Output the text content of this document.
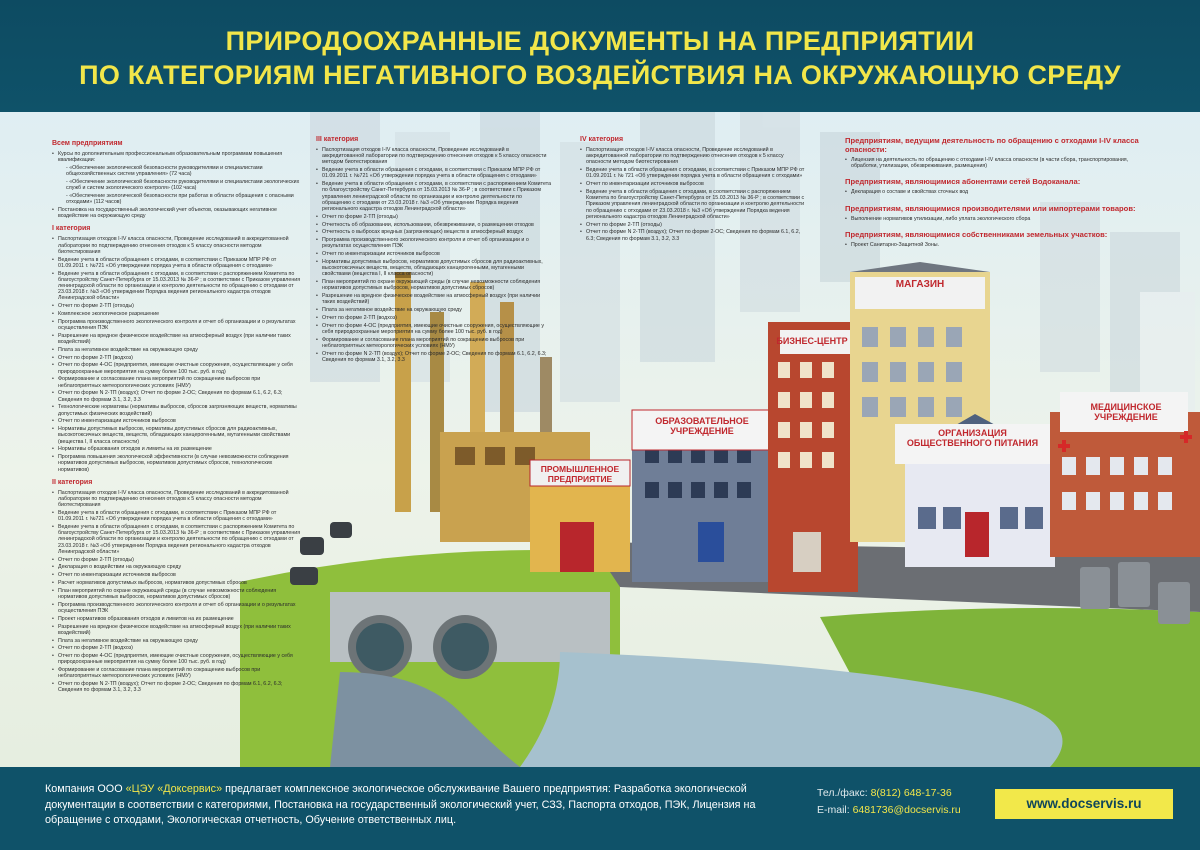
ПРИРОДООХРАННЫЕ ДОКУМЕНТЫ НА ПРЕДПРИЯТИИ
ПО КАТЕГОРИЯМ НЕГАТИВНОГО ВОЗДЕЙСТВИЯ НА ОКРУЖАЮЩУЮ СРЕДУ
МАГАЗИН
БИЗНЕС-ЦЕНТР
ОБРАЗОВАТЕЛЬНОЕ
УЧРЕЖДЕНИЕ	ОРГАНИЗАЦИЯ
ОБЩЕСТВЕННОГО ПИТАНИЯ
МЕДИЦИНСКОЕ
УЧРЕЖДЕНИЕ
ПРОМЫШЛЕННОЕ
ПРЕДПРИЯТИЕ
Всем предприятиям
• Курсы по дополнительным профессиональным образовательным программам повышения квалификации:
- «Обеспечение экологической безопасности руководителями и специалистами общехозяйственных систем управления» (72 часа)
- «Обеспечение экологической безопасности руководителями и специалистами экологических служб и систем экологического контроля» (102 часа)
- «Обеспечение экологической безопасности при работах в области обращения с опасными отходами» (112 часов)
• Постановка на государственный экологический учет объектов, оказывающих негативное воздействие на окружающую среду
I категория
• Паспортизация отходов I-IV класса опасности, Проведение исследований в аккредитованной лаборатории по подтверждению отнесения отходов к 5 классу опасности методом биотестирования
• Ведение учета в области обращения с отходами, в соответствии с Приказом МПР РФ от 01.09.2011 г. №721 «Об утверждении порядка учета в области обращения с отходами»
• Ведение учета в области обращения с отходами, в соответствии с распоряжением Комитета по благоустройству Санкт-Петербурга от 15.03.2013 № 36-Р ; в соответствии с Приказом управления ленинградской области по организации и контролю деятельности по обращению с отходами от 23.03.2018 г. №3 «Об утверждении Порядка ведения регионального кадастра отходов Ленинградской области»
• Отчет по форме 2-ТП (отходы)
• Комплексное экологическое разрешение
• Программа производственного экологического контроля и отчет об организации и о результатах осуществления ПЭК
• Разрешение на вредное физическое воздействие на атмосферный воздух (при наличии таких воздействий)
• Плата за негативное воздействие на окружающую среду
• Отчет по форме 2-ТП (водхоз)
• Отчет по форме 4-ОС (предприятия, имеющие очистные сооружения, осуществляющие у себя природоохранные мероприятия на сумму более 100 тыс. руб. в год)
• Формирование и согласование плана мероприятий по сокращению выбросов при неблагоприятных метеорологических условиях (НМУ)
• Отчет по форме N 2-ТП (воздух); Отчет по форме 2-ОС; Сведения по формам 6.1, 6.2, 6.3; Сведения по формам 3.1, 3.2, 3.3
• Технологические нормативы (нормативы выбросов, сбросов загрязняющих веществ, нормативы допустимых физических воздействий)
• Отчет по инвентаризации источников выбросов
• Нормативы допустимых выбросов, нормативы допустимых сбросов для радиоактивных, высокотоксичных веществ, веществ, обладающих канцерогенными, мутагенными свойствами (вещества I, II класса опасности)
• Нормативы образования отходов и лимиты на их размещение
• Программа повышения экологической эффективности (в случае невозможности соблюдения нормативов допустимых выбросов, нормативов допустимых сбросов, технологических нормативов)
II категория
• Паспортизация отходов I-IV класса опасности, Проведение исследований в аккредитованной лаборатории по подтверждению отнесения отходов к 5 классу опасности методом биотестирования
• Ведение учета в области обращения с отходами, в соответствии с Приказом МПР РФ от 01.09.2011 г. №721 «Об утверждении порядка учета в области обращения с отходами»
• Ведение учета в области обращения с отходами, в соответствии с распоряжением Комитета по благоустройству Санкт-Петербурга от 15.03.2013 № 36-Р ; в соответствии с Приказом управления ленинградской области по организации и контролю деятельности по обращению с отходами от 23.03.2018 г. №3 «Об утверждении Порядка ведения регионального кадастра отходов Ленинградской области»
• Отчет по форме 2-ТП (отходы)
• Декларация о воздействии на окружающую среду
• Отчет по инвентаризации источников выбросов
• Расчет нормативов допустимых выбросов, нормативов допустимых сбросов
• План мероприятий по охране окружающей среды (в случае невозможности соблюдения нормативов допустимых выбросов, нормативов допустимых сбросов)
• Программа производственного экологического контроля и отчет об организации и о результатах осуществления ПЭК
• Проект нормативов образования отходов и лимитов на их размещение
• Разрешение на вредное физическое воздействие на атмосферный воздух (при наличии таких воздействий)
• Плата за негативное воздействие на окружающую среду
• Отчет по форме 2-ТП (водхоз)
• Отчет по форме 4-ОС (предприятия, имеющие очистные сооружения, осуществляющие у себя природоохранные мероприятия на сумму более 100 тыс. руб. в год)
• Формирование и согласование плана мероприятий по сокращению выбросов при неблагоприятных метеорологических условиях (НМУ)
• Отчет по форме N 2-ТП (воздух); Отчет по форме 2-ОС; Сведения по формам 6.1, 6.2, 6.3; Сведения по формам 3.1, 3.2, 3.3
III категория
• Паспортизация отходов I-IV класса опасности, Проведение исследований в аккредитованной лаборатории по подтверждению отнесения отходов к 5 классу опасности методом биотестирования
• Ведение учета в области обращения с отходами, в соответствии с Приказом МПР РФ от 01.09.2011 г. №721 «Об утверждении порядка учета в области обращения с отходами»
• Ведение учета в области обращения с отходами, в соответствии с распоряжением Комитета по благоустройству Санкт-Петербурга от 15.03.2013 № 36-Р ; в соответствии с Приказом управления ленинградской области по организации и контролю деятельности по обращению с отходами от 23.03.2018 г. №3 «Об утверждении Порядка ведения регионального кадастра отходов Ленинградской области»
• Отчет по форме 2-ТП (отходы)
• Отчетность об образовании, использовании, обезвреживании, о размещении отходов
• Отчетность о выбросах вредных (загрязняющих) веществ в атмосферный воздух
• Программа производственного экологического контроля и отчет об организации и о результатах осуществления ПЭК
• Отчет по инвентаризации источников выбросов
• Нормативы допустимых выбросов, нормативов допустимых сбросов для радиоактивных, высокотоксичных веществ, веществ, обладающих канцерогенными, мутагенными свойствами (вещества I, II класса опасности)
• План мероприятий по охране окружающей среды (в случае невозможности соблюдения нормативов допустимых выбросов, нормативов допустимых сбросов)
• Разрешение на вредное физическое воздействие на атмосферный воздух (при наличии таких воздействий)
• Плата за негативное воздействие на окружающую среду
• Отчет по форме 2-ТП (водхоз)
• Отчет по форме 4-ОС (предприятия, имеющие очистные сооружения, осуществляющие у себя природоохранные мероприятия на сумму более 100 тыс. руб. в год)
• Формирование и согласование плана мероприятий по сокращению выбросов при неблагоприятных метеорологических условиях (НМУ)
• Отчет по форме N 2-ТП (воздух); Отчет по форме 2-ОС; Сведения по формам 6.1, 6.2, 6.3; Сведения по формам 3.1, 3.2, 3.3
IV категория
• Паспортизация отходов I-IV класса опасности, Проведение исследований в аккредитованной лаборатории по подтверждению отнесения отходов к 5 классу опасности методом биотестирования
• Ведение учета в области обращения с отходами, в соответствии с Приказом МПР РФ от 01.09.2011 г. № 721 «Об утверждении порядка учета в области обращения с отходами»
• Отчет по инвентаризации источников выбросов
• Ведение учета в области обращения с отходами, в соответствии с распоряжением Комитета по благоустройству Санкт-Петербурга от 15.03.2013 № 36-Р ; в соответствии с Приказом управления ленинградской области по организации и контролю деятельности по обращению с отходами от 23.03.2018 г. №3 «Об утверждении Порядка ведения регионального кадастра отходов Ленинградской области»
• Отчет по форме 2-ТП (отходы)
• Отчет по форме N 2-ТП (воздух); Отчет по форме 2-ОС; Сведения по формам 6.1, 6.2, 6.3; Сведения по формам 3.1, 3.2, 3.3
Предприятиям, ведущим деятельность по обращению с отходами I-IV класса опасности:
• Лицензия на деятельность по обращению с отходами I-IV класса опасности (в части сбора, транспортирования, обработки, утилизации, обезвреживания, размещения)
Предприятиям, являющимися абонентами сетей Водоканала:
• Декларация о составе и свойствах сточных вод
Предприятиям, являющимися производителями или импортерами товаров:
• Выполнение нормативов утилизации, либо уплата экологического сбора
Предприятиям, являющимися собственниками земельных участков:
• Проект Санитарно-Защитной Зоны.
Компания ООО «ЦЭУ «Доксервис» предлагает комплексное экологическое обслуживание Вашего предприятия: Разработка экологической документации в соответствии с категориями, Постановка на государственный экологический учет, СЗЗ, Паспорта отходов, ПЭК, Лицензия на обращение с отходами, Экологическая отчетность, Обучение ответственных лиц.
Тел./факс: 8(812) 648-17-36
E-mail: 6481736@docservis.ru	www.docservis.ru
